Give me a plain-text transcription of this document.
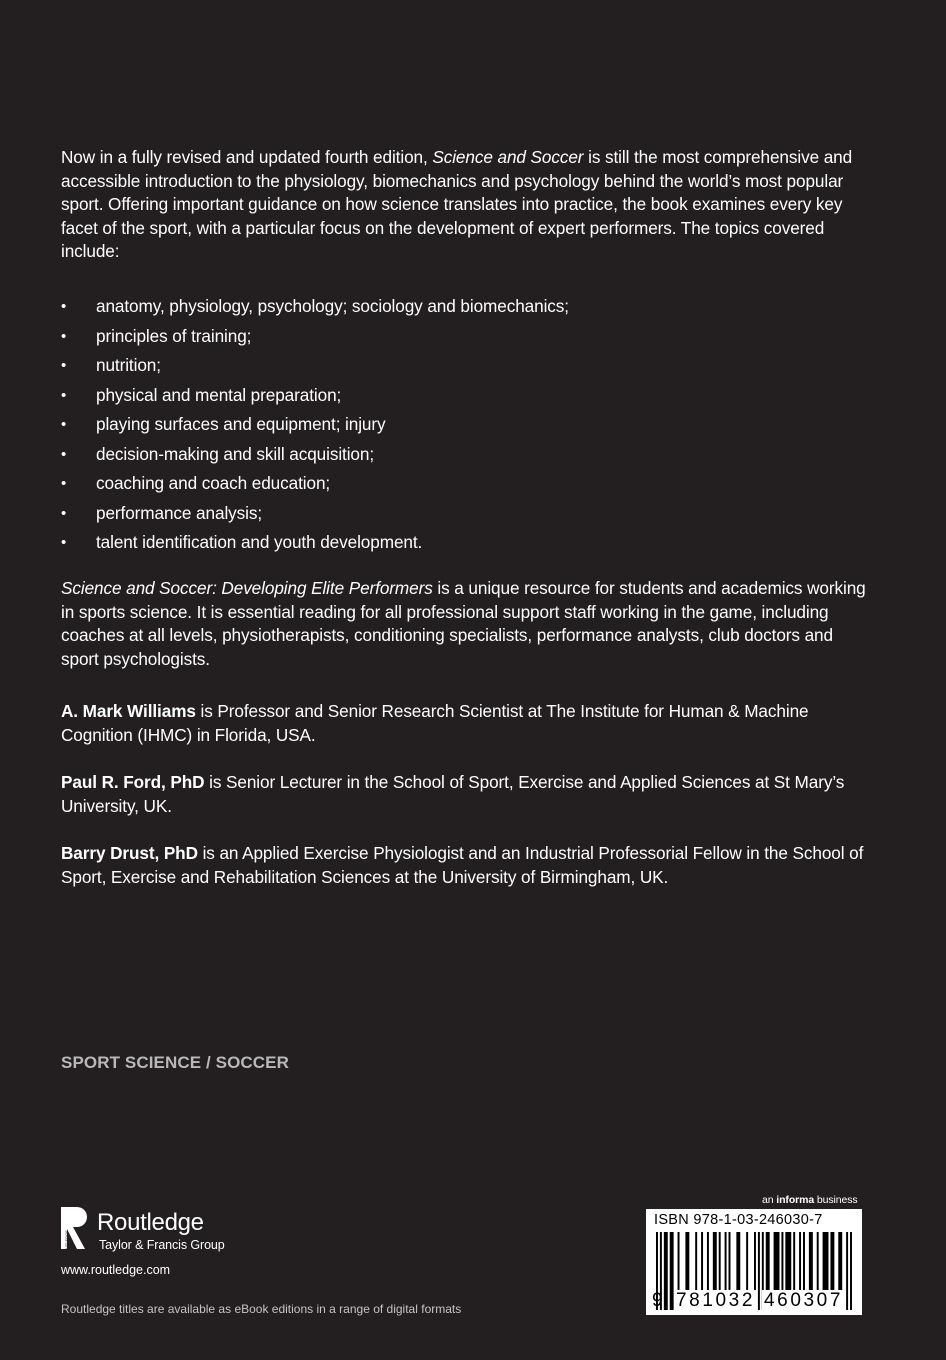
Now in a fully revised and updated fourth edition, Science and Soccer is still the most comprehensive and accessible introduction to the physiology, biomechanics and psychology behind the world’s most popular sport. Offering important guidance on how science translates into practice, the book examines every key facet of the sport, with a particular focus on the development of expert performers. The topics covered include:

• anatomy, physiology, psychology; sociology and biomechanics;
• principles of training;
• nutrition;
• physical and mental preparation;
• playing surfaces and equipment; injury
• decision-making and skill acquisition;
• coaching and coach education;
• performance analysis;
• talent identification and youth development.

Science and Soccer: Developing Elite Performers is a unique resource for students and academics working in sports science. It is essential reading for all professional support staff working in the game, including coaches at all levels, physiotherapists, conditioning specialists, performance analysts, club doctors and sport psychologists.

A. Mark Williams is Professor and Senior Research Scientist at The Institute for Human & Machine Cognition (IHMC) in Florida, USA.

Paul R. Ford, PhD is Senior Lecturer in the School of Sport, Exercise and Applied Sciences at St Mary’s University, UK.

Barry Drust, PhD is an Applied Exercise Physiologist and an Industrial Professorial Fellow in the School of Sport, Exercise and Rehabilitation Sciences at the University of Birmingham, UK.

SPORT SCIENCE / SOCCER
ROUTLEDGE
Routledge
Taylor & Francis Group
www.routledge.com
Routledge titles are available as eBook editions in a range of digital formats
an informa business
ISBN 978-1-03-246030-7
9 781032 460307
